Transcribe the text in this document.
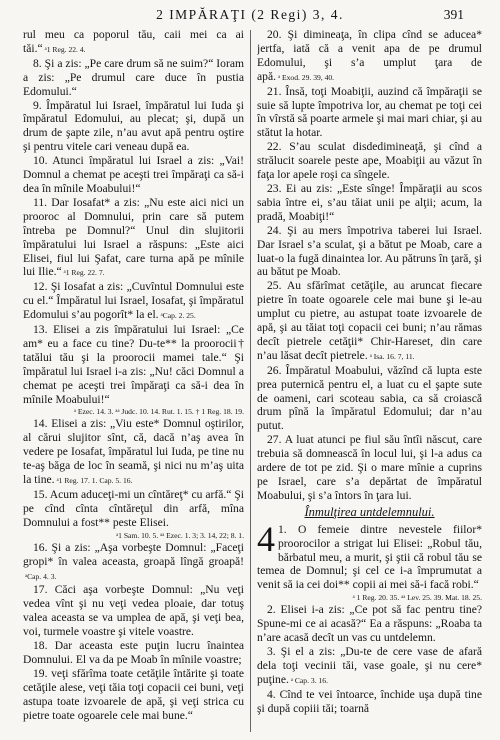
2 IMPĂRAŢI (2 Regi) 3, 4.	391

rul meu ca poporul tău, caii mei ca ai tăi.“ ᵃ1 Reg. 22. 4.

8. Şi a zis: „Pe care drum să ne suim?“ Ioram a zis: „Pe drumul care duce în pustia Edomului.“

9. Împăratul lui Israel, împăratul lui Iuda şi împăratul Edomului, au plecat; şi, după un drum de şapte zile, n’au avut apă pentru oştire şi pentru vitele cari veneau după ea.

10. Atunci împăratul lui Israel a zis: „Vai! Domnul a chemat pe aceşti trei împăraţi ca să-i dea în mînile Moabului!“

11. Dar Iosafat* a zis: „Nu este aici nici un prooroc al Domnului, prin care să putem întreba pe Domnul?“ Unul din slujitorii împăratului lui Israel a răspuns: „Este aici Elisei, fiul lui Şafat, care turna apă pe mînile lui Ilie.“ ᵃ1 Reg. 22. 7.

12. Şi Iosafat a zis: „Cuvîntul Domnului este cu el.“ Împăratul lui Israel, Iosafat, şi împăratul Edomului s’au pogorît* la el. ᵃCap. 2. 25.

13. Elisei a zis împăratului lui Israel: „Ce am* eu a face cu tine? Du-te** la proorocii† tatălui tău şi la proorocii mamei tale.“ Şi împăratul lui Israel i-a zis: „Nu! căci Domnul a chemat pe aceşti trei împăraţi ca să-i dea în mînile Moabului!“

ᵃ Ezec. 14. 3. ᵃᵃ Judc. 10. 14. Rut. 1. 15. † 1 Reg. 18. 19.

14. Elisei a zis: „Viu este* Domnul oştirilor, al cărui slujitor sînt, că, dacă n’aş avea în vedere pe Iosafat, împăratul lui Iuda, pe tine nu te-aş băga de loc în seamă, şi nici nu m’aş uita la tine. ᵃ1 Reg. 17. 1. Cap. 5. 16.

15. Acum aduceţi-mi un cîntăreţ* cu arfă.“ Şi pe cînd cînta cîntăreţul din arfă, mîna Domnului a fost** peste Elisei.

ᵃ1 Sam. 10. 5. ᵃᵃ Ezec. 1. 3; 3. 14, 22; 8. 1.

16. Şi a zis: „Aşa vorbeşte Domnul: „Faceţi gropi* în valea aceasta, groapă lîngă groapă!ᵃCap. 4. 3.

17. Căci aşa vorbeşte Domnul: „Nu veţi vedea vînt şi nu veţi vedea ploaie, dar totuş valea aceasta se va umplea de apă, şi veţi bea, voi, turmele voastre şi vitele voastre.

18. Dar aceasta este puţin lucru înaintea Domnului. El va da pe Moab în mînile voastre;

19. veţi sfărîma toate cetăţile întărite şi toate cetăţile alese, veţi tăia toţi copacii cei buni, veţi astupa toate izvoarele de apă, şi veţi strica cu pietre toate ogoarele cele mai bune.“

20. Şi dimineaţa, în clipa cînd se aducea* jertfa, iată că a venit apa de pe drumul Edomului, şi s’a umplut ţara de apă. ᵃ Exod. 29. 39, 40.

21. Însă, toţi Moabiţii, auzind că împăraţii se suie să lupte împotriva lor, au chemat pe toţi cei în vîrstă să poarte armele şi mai mari chiar, şi au stătut la hotar.

22. S’au sculat disdedimineaţă, şi cînd a strălucit soarele peste ape, Moabiţii au văzut în faţa lor apele roşi ca sîngele.

23. Ei au zis: „Este sînge! Împăraţii au scos sabia între ei, s’au tăiat unii pe alţii; acum, la pradă, Moabiţi!“

24. Şi au mers împotriva taberei lui Israel. Dar Israel s’a sculat, şi a bătut pe Moab, care a luat-o la fugă dinaintea lor. Au pătruns în ţară, şi au bătut pe Moab.

25. Au sfărîmat cetăţile, au aruncat fiecare pietre în toate ogoarele cele mai bune şi le-au umplut cu pietre, au astupat toate izvoarele de apă, şi au tăiat toţi copacii cei buni; n’au rămas decît pietrele cetăţii* Chir-Hareset, din care n’au lăsat decît pietrele. ᵃ Isa. 16. 7, 11.

26. Împăratul Moabului, văzînd că lupta este prea puternică pentru el, a luat cu el şapte sute de oameni, cari scoteau sabia, ca să croiască drum pînă la împăratul Edomului; dar n’au putut.

27. A luat atunci pe fiul său întîi născut, care trebuia să domnească în locul lui, şi l-a adus ca ardere de tot pe zid. Şi o mare mînie a cuprins pe Israel, care s’a depărtat de împăratul Moabului, şi s’a întors în ţara lui.

Înmulţirea untdelemnului.

4 1. O femeie dintre nevestele fiilor* proorocilor a strigat lui Elisei: „Robul tău, bărbatul meu, a murit, şi ştii că robul tău se temea de Domnul; şi cel ce i-a împrumutat a venit să ia cei doi** copii ai mei să-i facă robi.“

ᵃ 1 Reg. 20. 35. ᵃᵃ Lev. 25. 39. Mat. 18. 25.

2. Elisei i-a zis: „Ce pot să fac pentru tine? Spune-mi ce ai acasă?“ Ea a răspuns: „Roaba ta n’are acasă decît un vas cu untdelemn.

3. Şi el a zis: „Du-te de cere vase de afară dela toţi vecinii tăi, vase goale, şi nu cere* puţine. ᵃ Cap. 3. 16.

4. Cînd te vei întoarce, închide uşa după tine şi după copiii tăi; toarnă
